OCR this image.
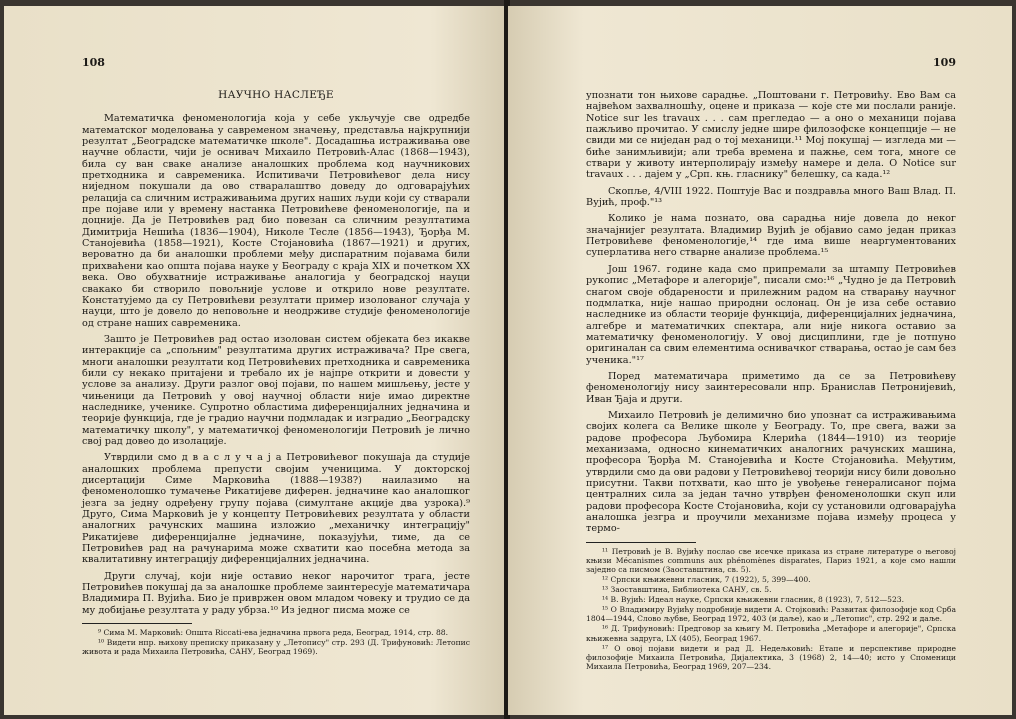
108
НАУЧНО НАСЛЕЂЕ

Математичка феноменологија која у себе укључује све одредбе математског моделовања у савременом значењу, представља најкрупнији резултат „Београдске математичке школе". Досадашња истраживања ове научне области, чији је оснивач Михаило Петровић-Алас (1868—1943), била су ван сваке анализе аналошких проблема код научникових претходника и савременика. Испитивачи Петровићевог дела нису ниједном покушали да ово стваралаштво доведу до одговарајућих релација са сличним истраживањима других наших људи који су стварали пре појаве или у времену настанка Петровићеве феноменологије, па и доцније. Да је Петровићев рад био повезан са сличним резултатима Димитрија Нешића (1836—1904), Николе Тесле (1856—1943), Ђорђа М. Станојевића (1858—1921), Косте Стојановића (1867—1921) и других, вероватно да би аналошки проблеми међу диспаратним појавама били прихваћени као општа појава науке у Београду с краја XIX и почетком XX века. Ово обухватније истраживање аналогија у београдској науци свакако би створило повољније услове и открило нове резултате. Констатујемо да су Петровићеви резултати пример изолованог случаја у науци, што је довело до неповољне и неодрживе студије феноменологије од стране наших савременика.

Зашто је Петровићев рад остао изолован систем објеката без икакве интеракције са „спољним" резултатима других истраживача? Пре свега, многи аналошки резултати код Петровићевих претходника и савременика били су некако притајени и требало их је најпре открити и довести у услове за анализу. Други разлог овој појави, по нашем мишљењу, јесте у чињеници да Петровић у овој научној области није имао директне наследнике, ученике. Супротно областима диференцијалних једначина и теорије функција, где је градио научни подмладак и изградио „Београдску математичку школу", у математичкој феноменологији Петровић је лично свој рад довео до изолације.

Утврдили смо д в а с л у ч а ј а Петровићевог покушаја да студије аналошких проблема препусти својим ученицима. У докторској дисертацији Симе Марковића (1888—1938?) наилазимо на феноменолошко тумачење Рикатијеве диферен. једначине као аналошког језга за једну одређену групу појава (симултане акције два узрока).⁹ Друго, Сима Марковић је у концепту Петровићевих резултата у области аналогних рачунских машина изложио „механичку интеграцију" Рикатијеве диференцијалне једначине, показујући, тиме, да се Петровићев рад на рачунарима може схватити као посебна метода за квалитативну интеграцију диференцијалних једначина.

Други случај, који није оставио неког нарочитог трага, јесте Петровићев покушај да за аналошке проблеме заинтересује математичара Владимира П. Вујића. Био је привржен овом младом човеку и трудио се да му добијање резултата у раду убрза.¹⁰ Из једног писма може се

⁹ Сима М. Марковић: Општа Riccati-ева једначина првога реда, Београд, 1914, стр. 88.

¹⁰ Видети нпр. њихову преписку приказану у „Летопису" стр. 293 (Д. Трифуновић: Летопис живота и рада Михаила Петровића, САНУ, Београд 1969).

109

упознати тон њихове сарадње. „Поштовани г. Петровићу. Ево Вам са највећом захвалношћу, оцене и приказа — које сте ми послали раније. Notice sur les travaux . . . сам прегледао — а оно о механици појава пажљиво прочитао. У смислу једне шире филозофске концепције — не свиди ми се ниједан рад о тој механици.¹¹ Мој покушај — изгледа ми — биће занимљивији; али треба времена и пажње, сем тога, многе се ствари у животу интерполирају између намере и дела. О Notice sur travaux . . . дајем у „Срп. књ. гласнику" белешку, са када.¹²

Скопље, 4/VIII 1922. Поштује Вас и поздравља много Ваш Влад. П. Вујић, проф."¹³

Колико је нама познато, ова сарадња није довела до неког значајнијег резултата. Владимир Вујић је објавио само један приказ Петровићеве феноменологије,¹⁴ где има више неаргументованих суперлатива него стварне анализе проблема.¹⁵

Још 1967. године када смо припремали за штампу Петровићев рукопис „Метафоре и алегорије", писали смо:¹⁶ „Чудно је да Петровић снагом своје обдарености и прилежним радом на стварању научног подмлатка, није нашао природни ослонац. Он је иза себе оставио наследнике из области теорије функција, диференцијалних једначина, алгебре и математичких спектара, али није никога оставио за математичку феноменологију. У овој дисциплини, где је потпуно оригиналан са свим елементима оснивачког стварања, остао је сам без ученика."¹⁷

Поред математичара приметимо да се за Петровићеву феноменологију нису заинтересовали нпр. Бранислав Петронијевић, Иван Ђаја и други.

Михаило Петровић је делимично био упознат са истраживањима својих колега са Велике школе у Београду. То, пре свега, важи за радове професора Љубомира Клерића (1844—1910) из теорије механизама, односно кинематичких аналогних рачунских машина, професора Ђорђа М. Станојевића и Косте Стојановића. Међутим, утврдили смо да ови радови у Петровићевој теорији нису били довољно присутни. Такви потхвати, као што је увођење генералисаног појма централних сила за један тачно утврђен феноменолошки скуп или радови професора Косте Стојановића, који су установили одговарајућа аналошка језгра и проучили механизме појава између процеса у термо-

¹¹ Петровић је В. Вујићу послао све исечке приказа из стране литературе о његовој књизи Mécanismes communs aux phénomènes disparates, Париз 1921, а које смо нашли заједно са писмом (Заоставштина, св. 5).

¹² Српски књижевни гласник, 7 (1922), 5, 399—400.

¹³ Заоставштина, Библиотека САНУ, св. 5.

¹⁴ В. Вујић: Идеал науке, Српски књижевни гласник, 8 (1923), 7, 512—523.

¹⁵ О Владимиру Вујићу подробније видети А. Стојковић: Развитак филозофије код Срба 1804—1944, Слово љубве, Београд 1972, 403 (и даље), као и „Летопис", стр. 292 и даље.

¹⁶ Д. Трифуновић: Предговор за књигу М. Петровића „Метафоре и алегорије", Српска књижевна задруга, LX (405), Београд 1967.

¹⁷ О овој појави видети и рад Д. Недељковић: Етапе и перспективе природне филозофије Михаила Петровића, Дијалектика, 3 (1968) 2, 14—40; исто у Споменици Михаила Петровића, Београд 1969, 207—234.
